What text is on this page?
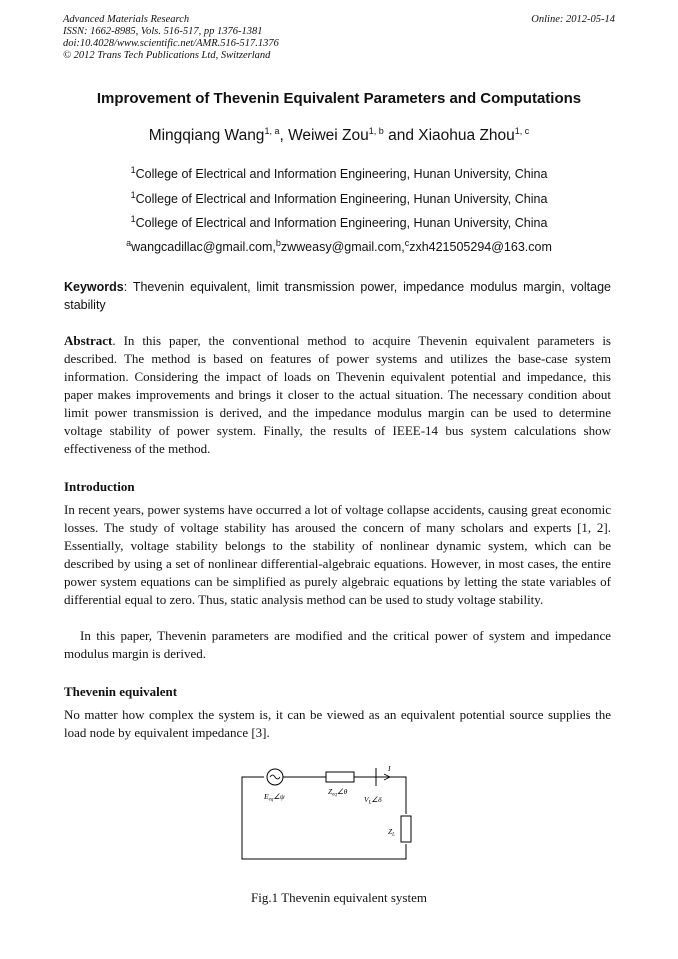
Advanced Materials Research
ISSN: 1662-8985, Vols. 516-517, pp 1376-1381
doi:10.4028/www.scientific.net/AMR.516-517.1376
© 2012 Trans Tech Publications Ltd, Switzerland
Online: 2012-05-14
Improvement of Thevenin Equivalent Parameters and Computations
Mingqiang Wang$^{1, a}$, Weiwei Zou$^{1, b}$ and Xiaohua Zhou$^{1, c}$
$^1$College of Electrical and Information Engineering, Hunan University, China
$^1$College of Electrical and Information Engineering, Hunan University, China
$^1$College of Electrical and Information Engineering, Hunan University, China
$^a$wangcadillac@gmail.com,$^b$zwweasy@gmail.com,$^c$zxh421505294@163.com
Keywords: Thevenin equivalent, limit transmission power, impedance modulus margin, voltage stability
Abstract. In this paper, the conventional method to acquire Thevenin equivalent parameters is described. The method is based on features of power systems and utilizes the base-case system information. Considering the impact of loads on Thevenin equivalent potential and impedance, this paper makes improvements and brings it closer to the actual situation. The necessary condition about limit power transmission is derived, and the impedance modulus margin can be used to determine voltage stability of power system. Finally, the results of IEEE-14 bus system calculations show effectiveness of the method.
Introduction
In recent years, power systems have occurred a lot of voltage collapse accidents, causing great economic losses. The study of voltage stability has aroused the concern of many scholars and experts [1, 2]. Essentially, voltage stability belongs to the stability of nonlinear dynamic system, which can be described by using a set of nonlinear differential-algebraic equations. However, in most cases, the entire power system equations can be simplified as purely algebraic equations by letting the state variables of differential equal to zero. Thus, static analysis method can be used to study voltage stability.
In this paper, Thevenin parameters are modified and the critical power of system and impedance modulus margin is derived.
Thevenin equivalent
No matter how complex the system is, it can be viewed as an equivalent potential source supplies the load node by equivalent impedance [3].
$E_{eq}\angle\psi$
$Z_{eq}\angle\theta$
$V_L\angle\delta$
I
$Z_L$
Fig.1 Thevenin equivalent system
